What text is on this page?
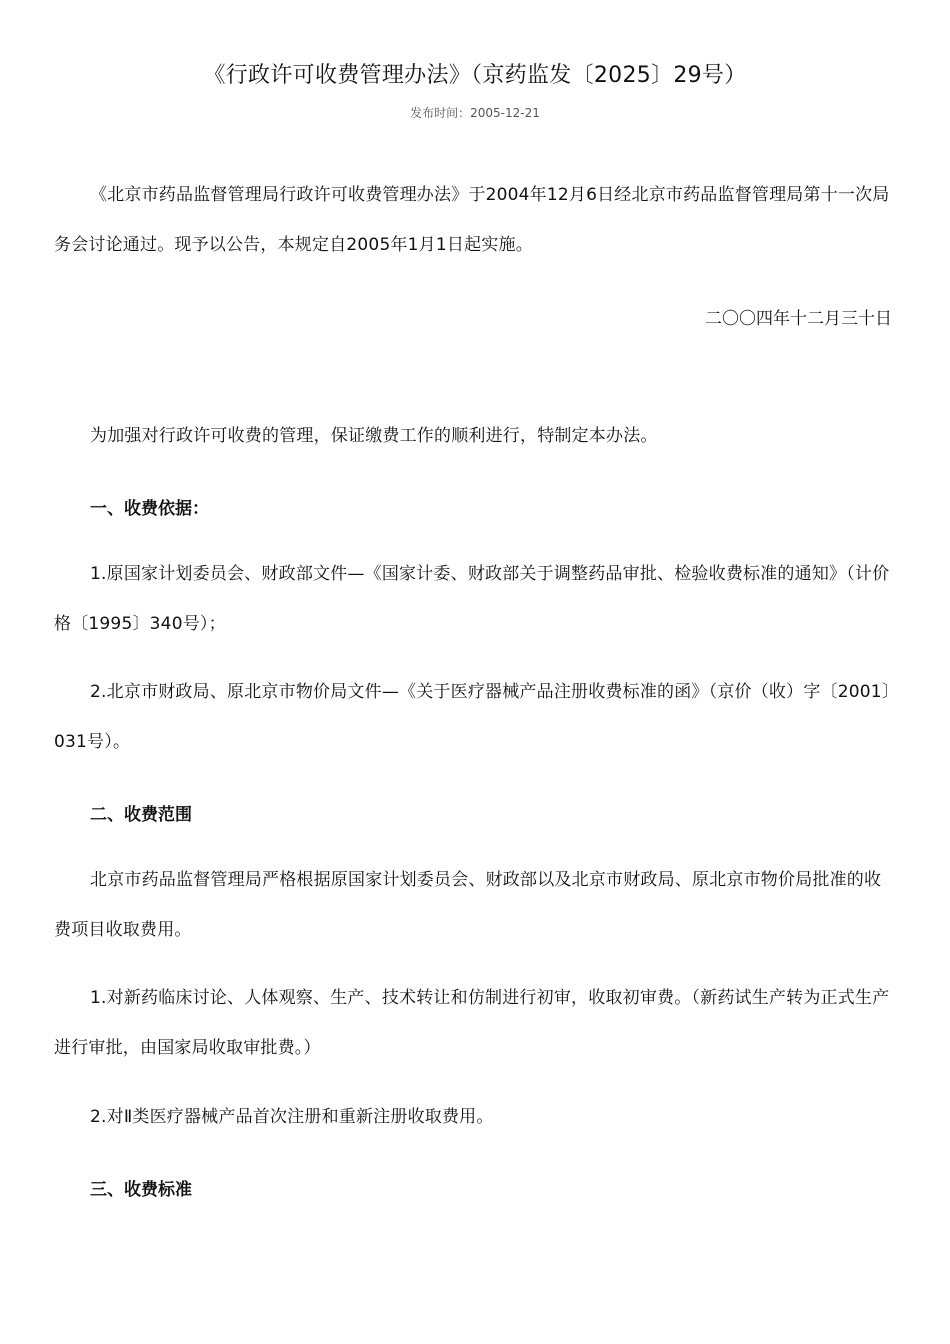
《行政许可收费管理办法》（京药监发〔2025〕29号）
发布时间：2005-12-21

《北京市药品监督管理局行政许可收费管理办法》于2004年12月6日经北京市药品监督管理局第十一次局务会讨论通过。现予以公告，本规定自2005年1月1日起实施。

二〇〇四年十二月三十日

为加强对行政许可收费的管理，保证缴费工作的顺利进行，特制定本办法。

一、收费依据：

1.原国家计划委员会、财政部文件—《国家计委、财政部关于调整药品审批、检验收费标准的通知》（计价格〔1995〕340号）；

2.北京市财政局、原北京市物价局文件—《关于医疗器械产品注册收费标准的函》（京价（收）字〔2001〕031号）。

二、收费范围

北京市药品监督管理局严格根据原国家计划委员会、财政部以及北京市财政局、原北京市物价局批准的收费项目收取费用。

1.对新药临床讨论、人体观察、生产、技术转让和仿制进行初审，收取初审费。（新药试生产转为正式生产进行审批，由国家局收取审批费。）

2.对Ⅱ类医疗器械产品首次注册和重新注册收取费用。

三、收费标准
